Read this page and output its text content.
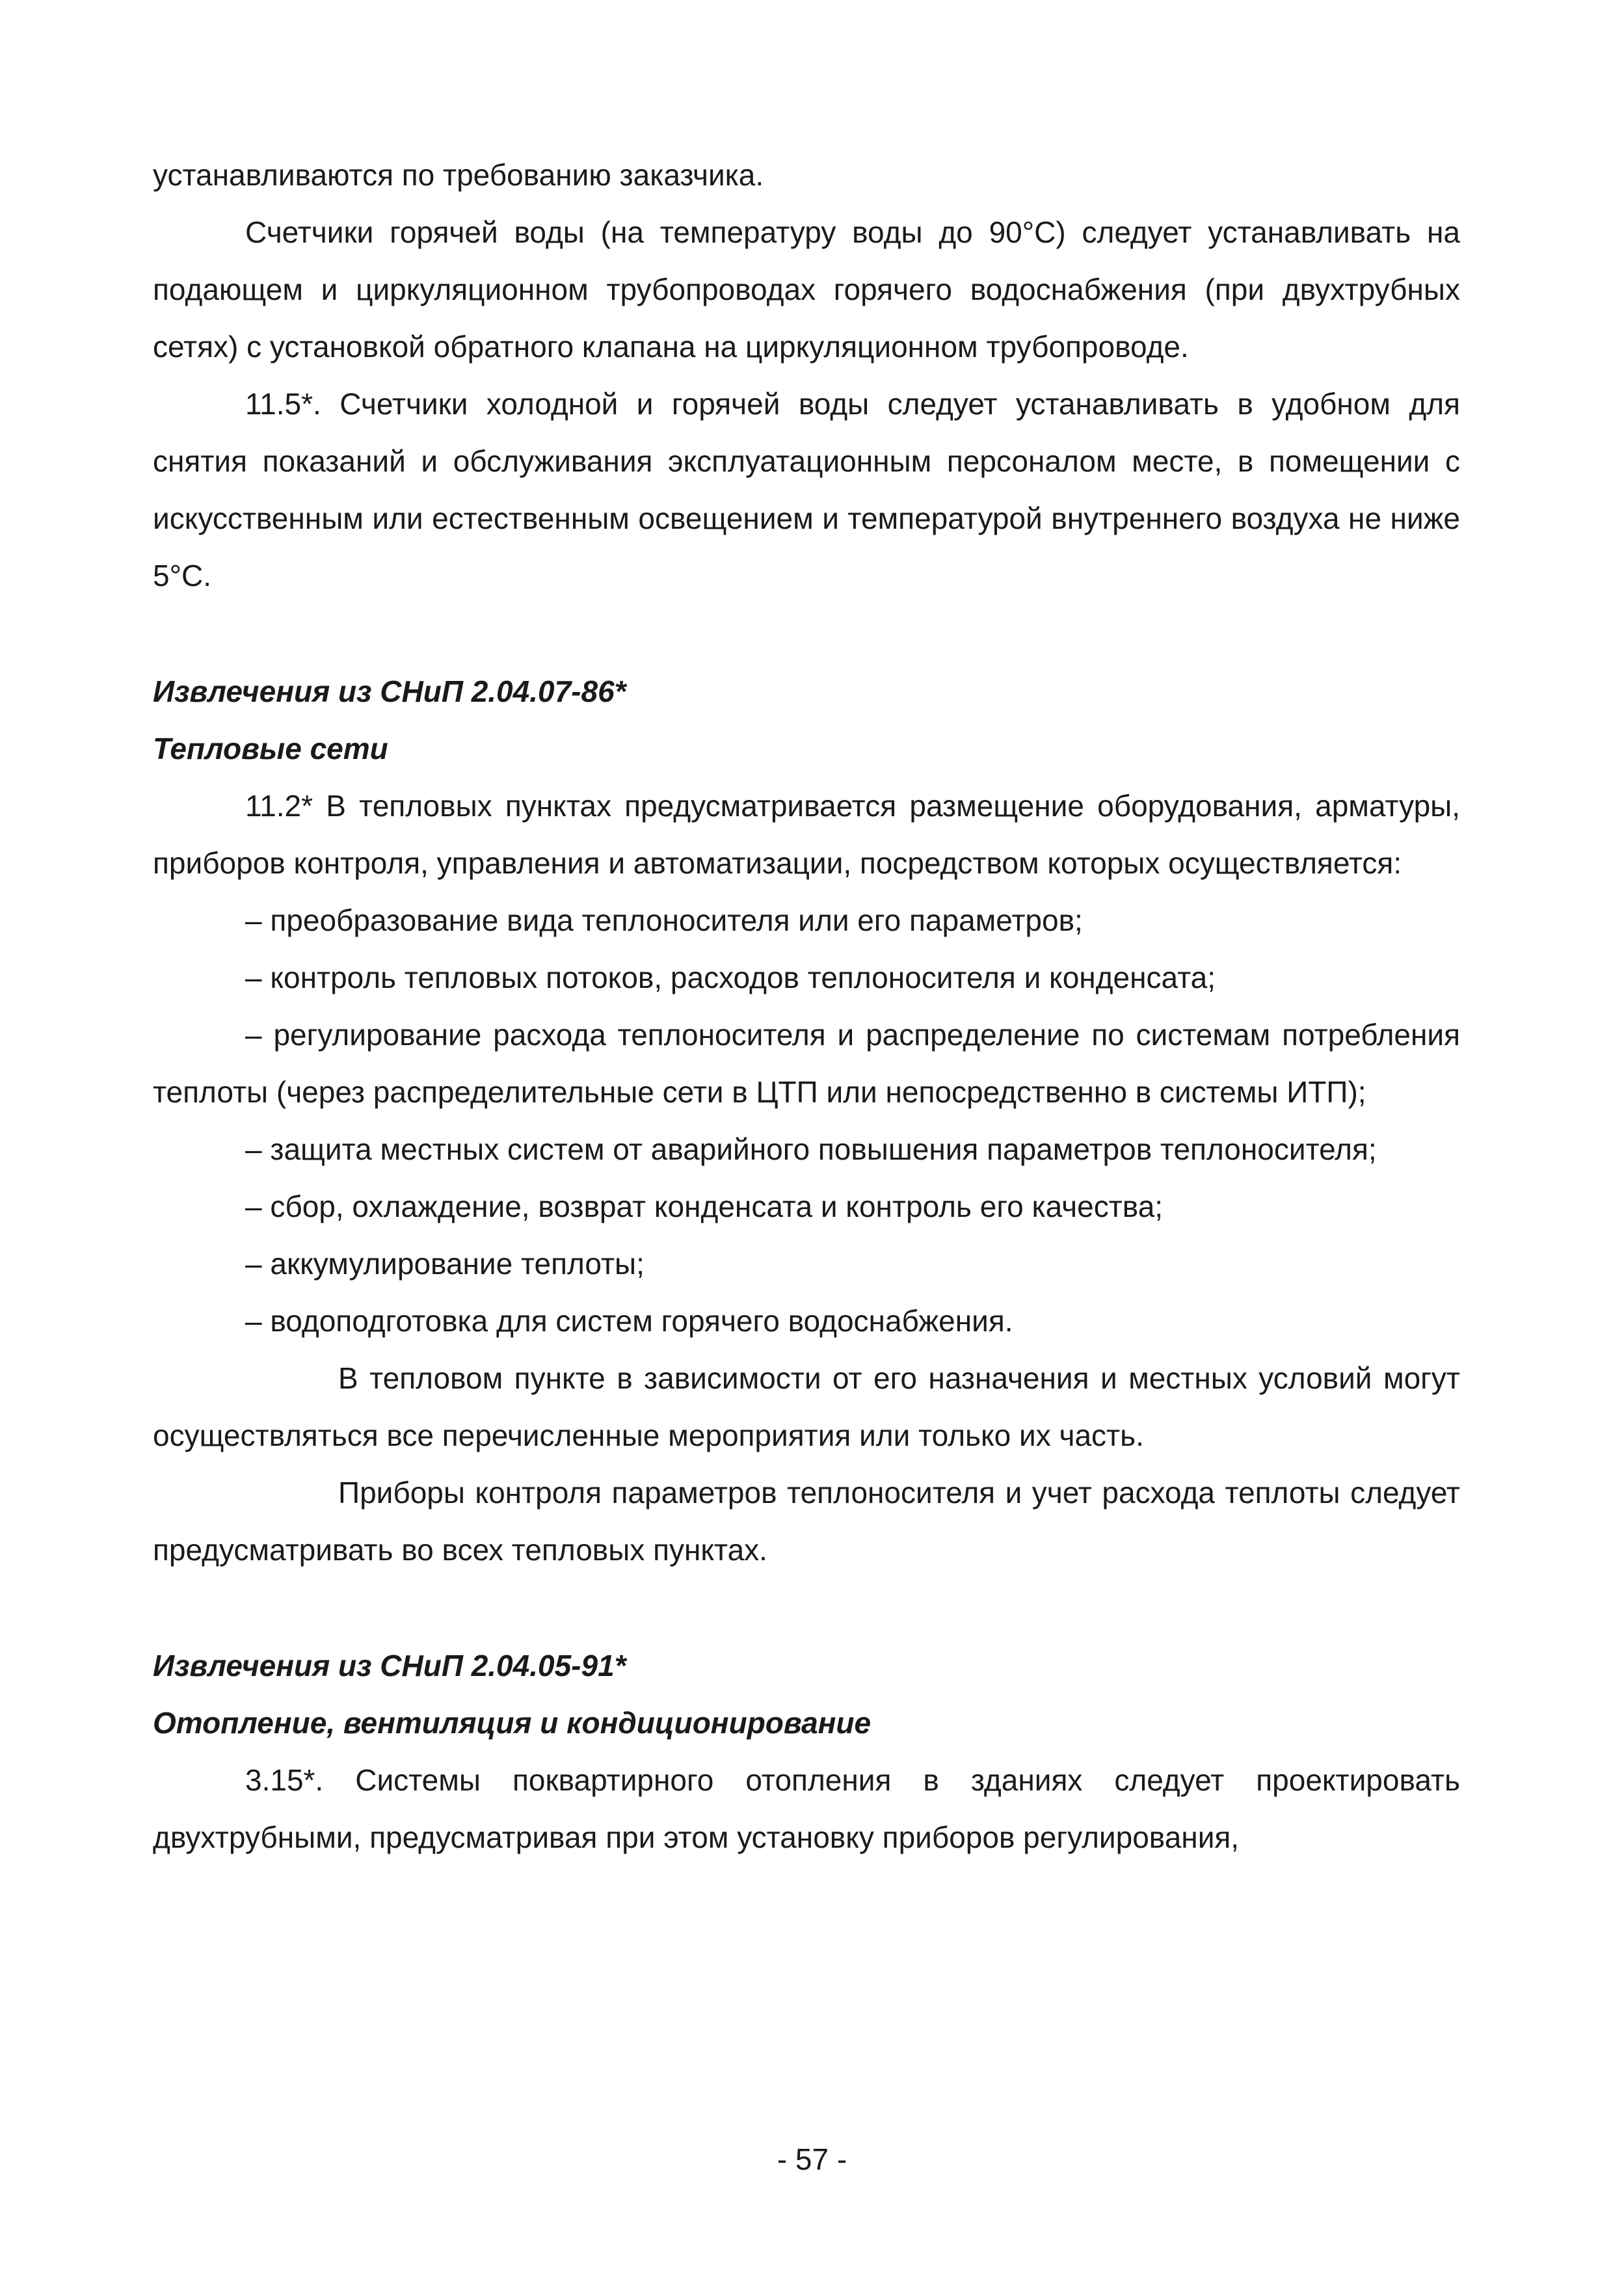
устанавливаются по требованию заказчика.

Счетчики горячей воды (на температуру воды до 90°С) следует устанавливать на подающем и циркуляционном трубопроводах горячего водоснабжения (при двухтрубных сетях) с установкой обратного клапана на циркуляционном трубопроводе.

11.5*. Счетчики холодной и горячей воды следует устанавливать в удобном для снятия показаний и обслуживания эксплуатационным персоналом месте, в помещении с искусственным или естественным освещением и температурой внутреннего воздуха не ниже 5°С.

Извлечения из СНиП 2.04.07-86*

Тепловые сети

11.2* В тепловых пунктах предусматривается размещение оборудования, арматуры, приборов контроля, управления и автоматизации, посредством которых осуществляется:

– преобразование вида теплоносителя или его параметров;

– контроль тепловых потоков, расходов теплоносителя и конденсата;

– регулирование расхода теплоносителя и распределение по системам потребления теплоты (через распределительные сети в ЦТП или непосредственно в системы ИТП);

– защита местных систем от аварийного повышения параметров теплоносителя;

– сбор, охлаждение, возврат конденсата и контроль его качества;

– аккумулирование теплоты;

– водоподготовка для систем горячего водоснабжения.

В тепловом пункте в зависимости от его назначения и местных условий могут осуществляться все перечисленные мероприятия или только их часть.

Приборы контроля параметров теплоносителя и учет расхода теплоты следует предусматривать во всех тепловых пунктах.

Извлечения из СНиП 2.04.05-91*

Отопление, вентиляция и кондиционирование

3.15*. Системы поквартирного отопления в зданиях следует проектировать двухтрубными, предусматривая при этом установку приборов регулирования,

- 57 -
